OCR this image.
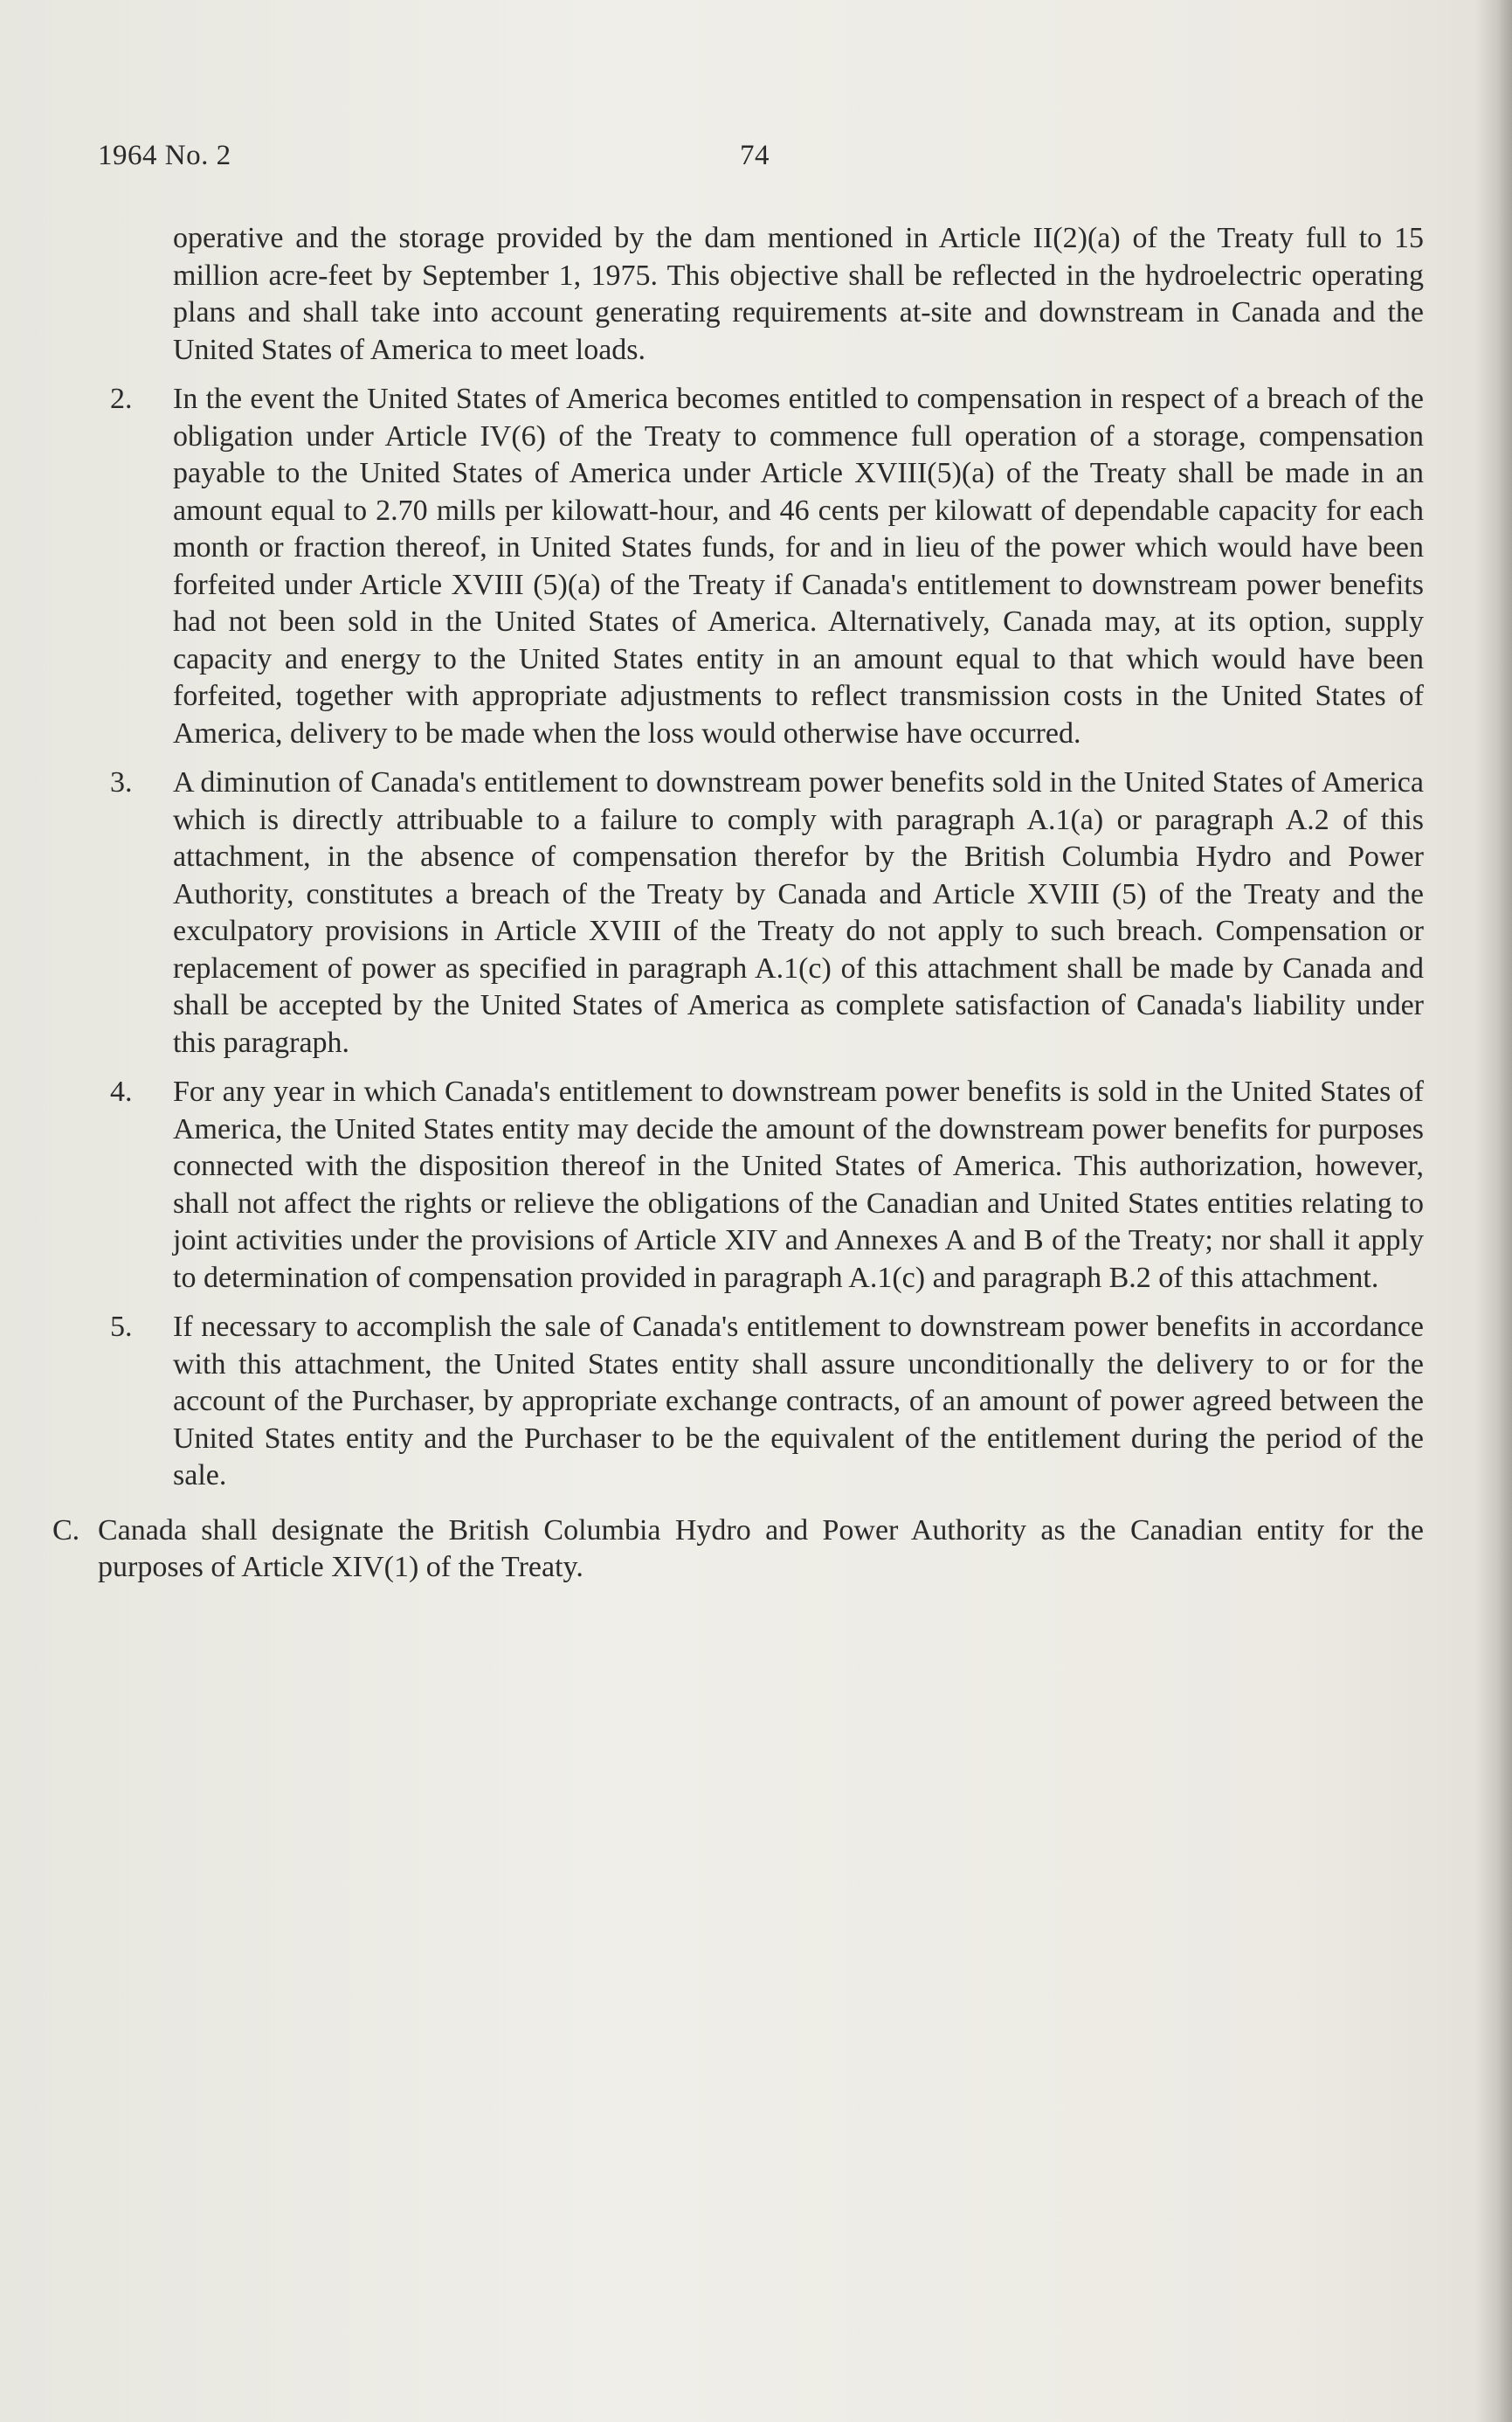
1964 No. 2	74

operative and the storage provided by the dam mentioned in Article II(2)(a) of the Treaty full to 15 million acre-feet by September 1, 1975. This objective shall be reflected in the hydroelectric operating plans and shall take into account generating requirements at-site and downstream in Canada and the United States of America to meet loads.

2. In the event the United States of America becomes entitled to compensation in respect of a breach of the obligation under Article IV(6) of the Treaty to commence full operation of a storage, compensation payable to the United States of America under Article XVIII(5)(a) of the Treaty shall be made in an amount equal to 2.70 mills per kilowatt-hour, and 46 cents per kilowatt of dependable capacity for each month or fraction thereof, in United States funds, for and in lieu of the power which would have been forfeited under Article XVIII (5)(a) of the Treaty if Canada's entitlement to downstream power benefits had not been sold in the United States of America. Alternatively, Canada may, at its option, supply capacity and energy to the United States entity in an amount equal to that which would have been forfeited, together with appropriate adjustments to reflect transmission costs in the United States of America, delivery to be made when the loss would otherwise have occurred.

3. A diminution of Canada's entitlement to downstream power benefits sold in the United States of America which is directly attribuable to a failure to comply with paragraph A.1(a) or paragraph A.2 of this attachment, in the absence of compensation therefor by the British Columbia Hydro and Power Authority, constitutes a breach of the Treaty by Canada and Article XVIII (5) of the Treaty and the exculpatory provisions in Article XVIII of the Treaty do not apply to such breach. Compensation or replacement of power as specified in paragraph A.1(c) of this attachment shall be made by Canada and shall be accepted by the United States of America as complete satisfaction of Canada's liability under this paragraph.

4. For any year in which Canada's entitlement to downstream power benefits is sold in the United States of America, the United States entity may decide the amount of the downstream power benefits for purposes connected with the disposition thereof in the United States of America. This authorization, however, shall not affect the rights or relieve the obligations of the Canadian and United States entities relating to joint activities under the provisions of Article XIV and Annexes A and B of the Treaty; nor shall it apply to determination of compensation provided in paragraph A.1(c) and paragraph B.2 of this attachment.

5. If necessary to accomplish the sale of Canada's entitlement to downstream power benefits in accordance with this attachment, the United States entity shall assure unconditionally the delivery to or for the account of the Purchaser, by appropriate exchange contracts, of an amount of power agreed between the United States entity and the Purchaser to be the equivalent of the entitlement during the period of the sale.

C. Canada shall designate the British Columbia Hydro and Power Authority as the Canadian entity for the purposes of Article XIV(1) of the Treaty.
